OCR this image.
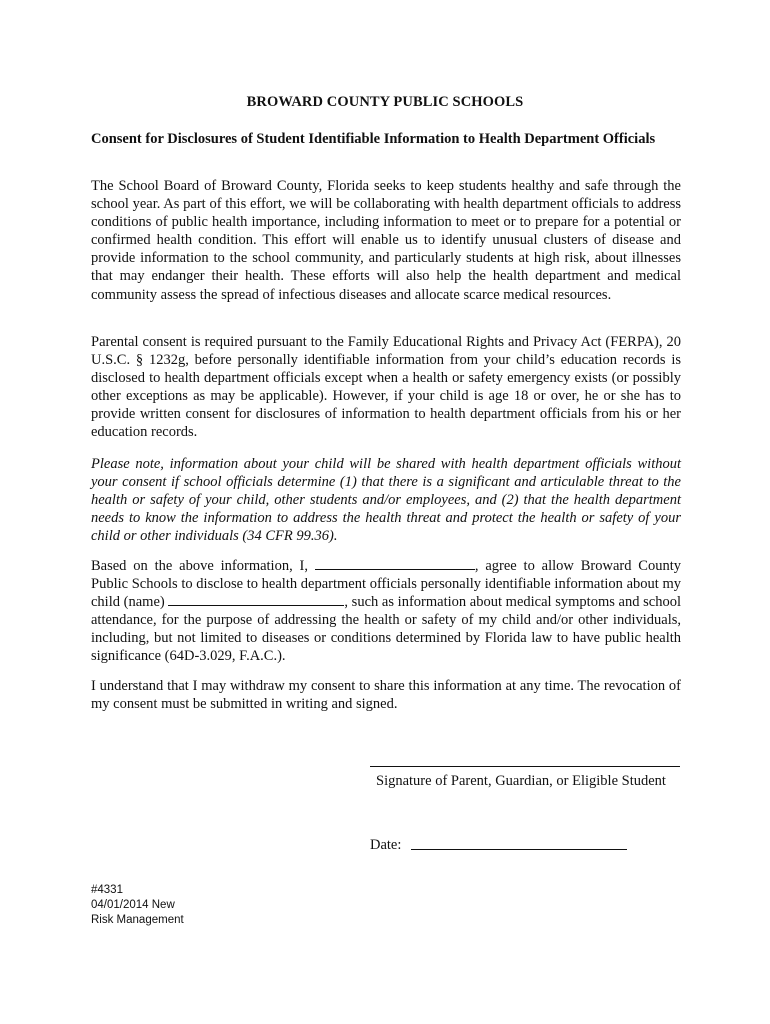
BROWARD COUNTY PUBLIC SCHOOLS
Consent for Disclosures of Student Identifiable Information to Health Department Officials

The School Board of Broward County, Florida seeks to keep students healthy and safe through the school year. As part of this effort, we will be collaborating with health department officials to address conditions of public health importance, including information to meet or to prepare for a potential or confirmed health condition. This effort will enable us to identify unusual clusters of disease and provide information to the school community, and particularly students at high risk, about illnesses that may endanger their health. These efforts will also help the health department and medical community assess the spread of infectious diseases and allocate scarce medical resources.

Parental consent is required pursuant to the Family Educational Rights and Privacy Act (FERPA), 20 U.S.C. § 1232g, before personally identifiable information from your child’s education records is disclosed to health department officials except when a health or safety emergency exists (or possibly other exceptions as may be applicable). However, if your child is age 18 or over, he or she has to provide written consent for disclosures of information to health department officials from his or her education records.

Please note, information about your child will be shared with health department officials without your consent if school officials determine (1) that there is a significant and articulable threat to the health or safety of your child, other students and/or employees, and (2) that the health department needs to know the information to address the health threat and protect the health or safety of your child or other individuals (34 CFR 99.36).

Based on the above information, I,	, agree to allow Broward County Public Schools to disclose to health department officials personally identifiable information about my child (name)	, such as information about medical symptoms and school attendance, for the purpose of addressing the health or safety of my child and/or other individuals, including, but not limited to diseases or conditions determined by Florida law to have public health significance (64D-3.029, F.A.C.).

I understand that I may withdraw my consent to share this information at any time. The revocation of my consent must be submitted in writing and signed.

Signature of Parent, Guardian, or Eligible Student
Date:
#4331
04/01/2014 New
Risk Management
